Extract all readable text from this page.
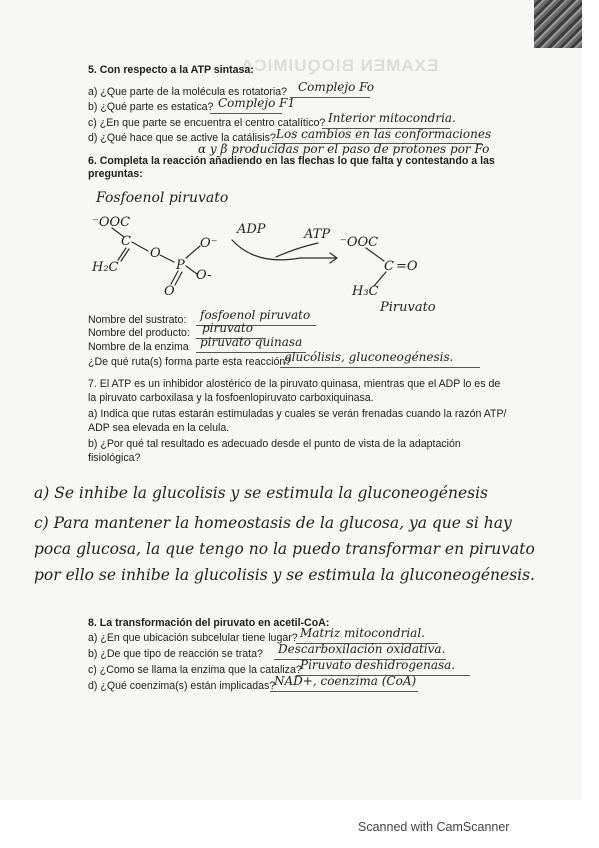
EXAMEN BIOQUIMICA
5. Con respecto a la ATP sintasa:
a) ¿Que parte de la molécula es rotatoria? Complejo Fo
b) ¿Qué parte es estatica? Complejo F1
c) ¿En que parte se encuentra el centro catalítico? Interior mitocondria.
d) ¿Qué hace que se active la catálisis? Los cambios en las conformaciones
α y β producidas por el paso de protones por Fo
6. Completa la reacción añadiendo en las flechas lo que falta y contestando a las
preguntas:
Fosfoenol piruvato
⁻OOC
C
O
P
O⁻
O-
O
H₂C
ADP	ATP
⁻OOC
C =O
H₃C
Piruvato
Nombre del sustrato: fosfoenol piruvato
Nombre del producto: piruvato
Nombre de la enzima piruvato quinasa
¿De qué ruta(s) forma parte esta reacción?
glucólisis, gluconeogénesis.
7. El ATP es un inhibidor alostérico de la piruvato quinasa, mientras que el ADP lo es de
la piruvato carboxilasa y la fosfoenlopiruvato carboxiquinasa.
a) Indica que rutas estarán estimuladas y cuales se verán frenadas cuando la razón ATP/
ADP sea elevada en la celula.
b) ¿Por qué tal resultado es adecuado desde el punto de vista de la adaptación
fisiológica?
a) Se inhibe la glucolisis y se estimula la gluconeogénesis
c) Para mantener la homeostasis de la glucosa, ya que si hay
poca glucosa, la que tengo no la puedo transformar en piruvato
por ello se inhibe la glucolisis y se estimula la gluconeogénesis.
8. La transformación del piruvato en acetil-CoA:
a) ¿En que ubicación subcelular tiene lugar? Matriz mitocondrial.
b) ¿De que tipo de reacción se trata? Descarboxilación oxidativa.
c) ¿Como se llama la enzima que la cataliza?
Piruvato deshidrogenasa.
d) ¿Qué coenzima(s) están implicadas?
NAD+, coenzima (CoA)
Scanned with CamScanner
